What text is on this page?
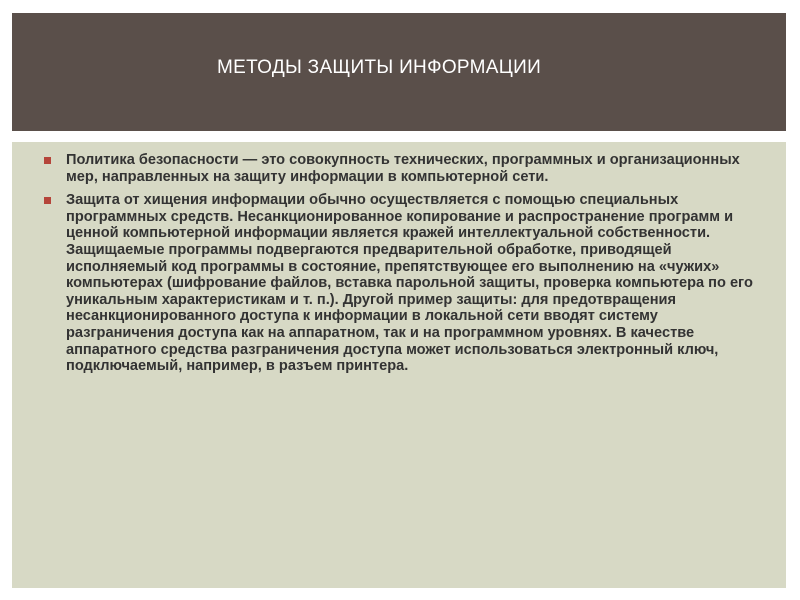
МЕТОДЫ ЗАЩИТЫ ИНФОРМАЦИИ
Политика безопасности — это совокупность технических, программных и организационных мер, направленных на защиту информации в компьютерной сети.
Защита от хищения информации обычно осуществляется с помощью специальных программных средств. Несанкционированное копирование и распространение программ и ценной компьютерной информации является кражей интеллектуальной собственности. Защищаемые программы подвергаются предварительной обработке, приводящей исполняемый код программы в состояние, препятствующее его выполнению на «чужих» компьютерах (шифрование файлов, вставка парольной защиты, проверка компьютера по его уникальным характеристикам и т. п.). Другой пример защиты: для предотвращения несанкционированного доступа к информации в локальной сети вводят систему разграничения доступа как на аппаратном, так и на программном уровнях. В качестве аппаратного средства разграничения доступа может использоваться электронный ключ, подключаемый, например, в разъем принтера.
